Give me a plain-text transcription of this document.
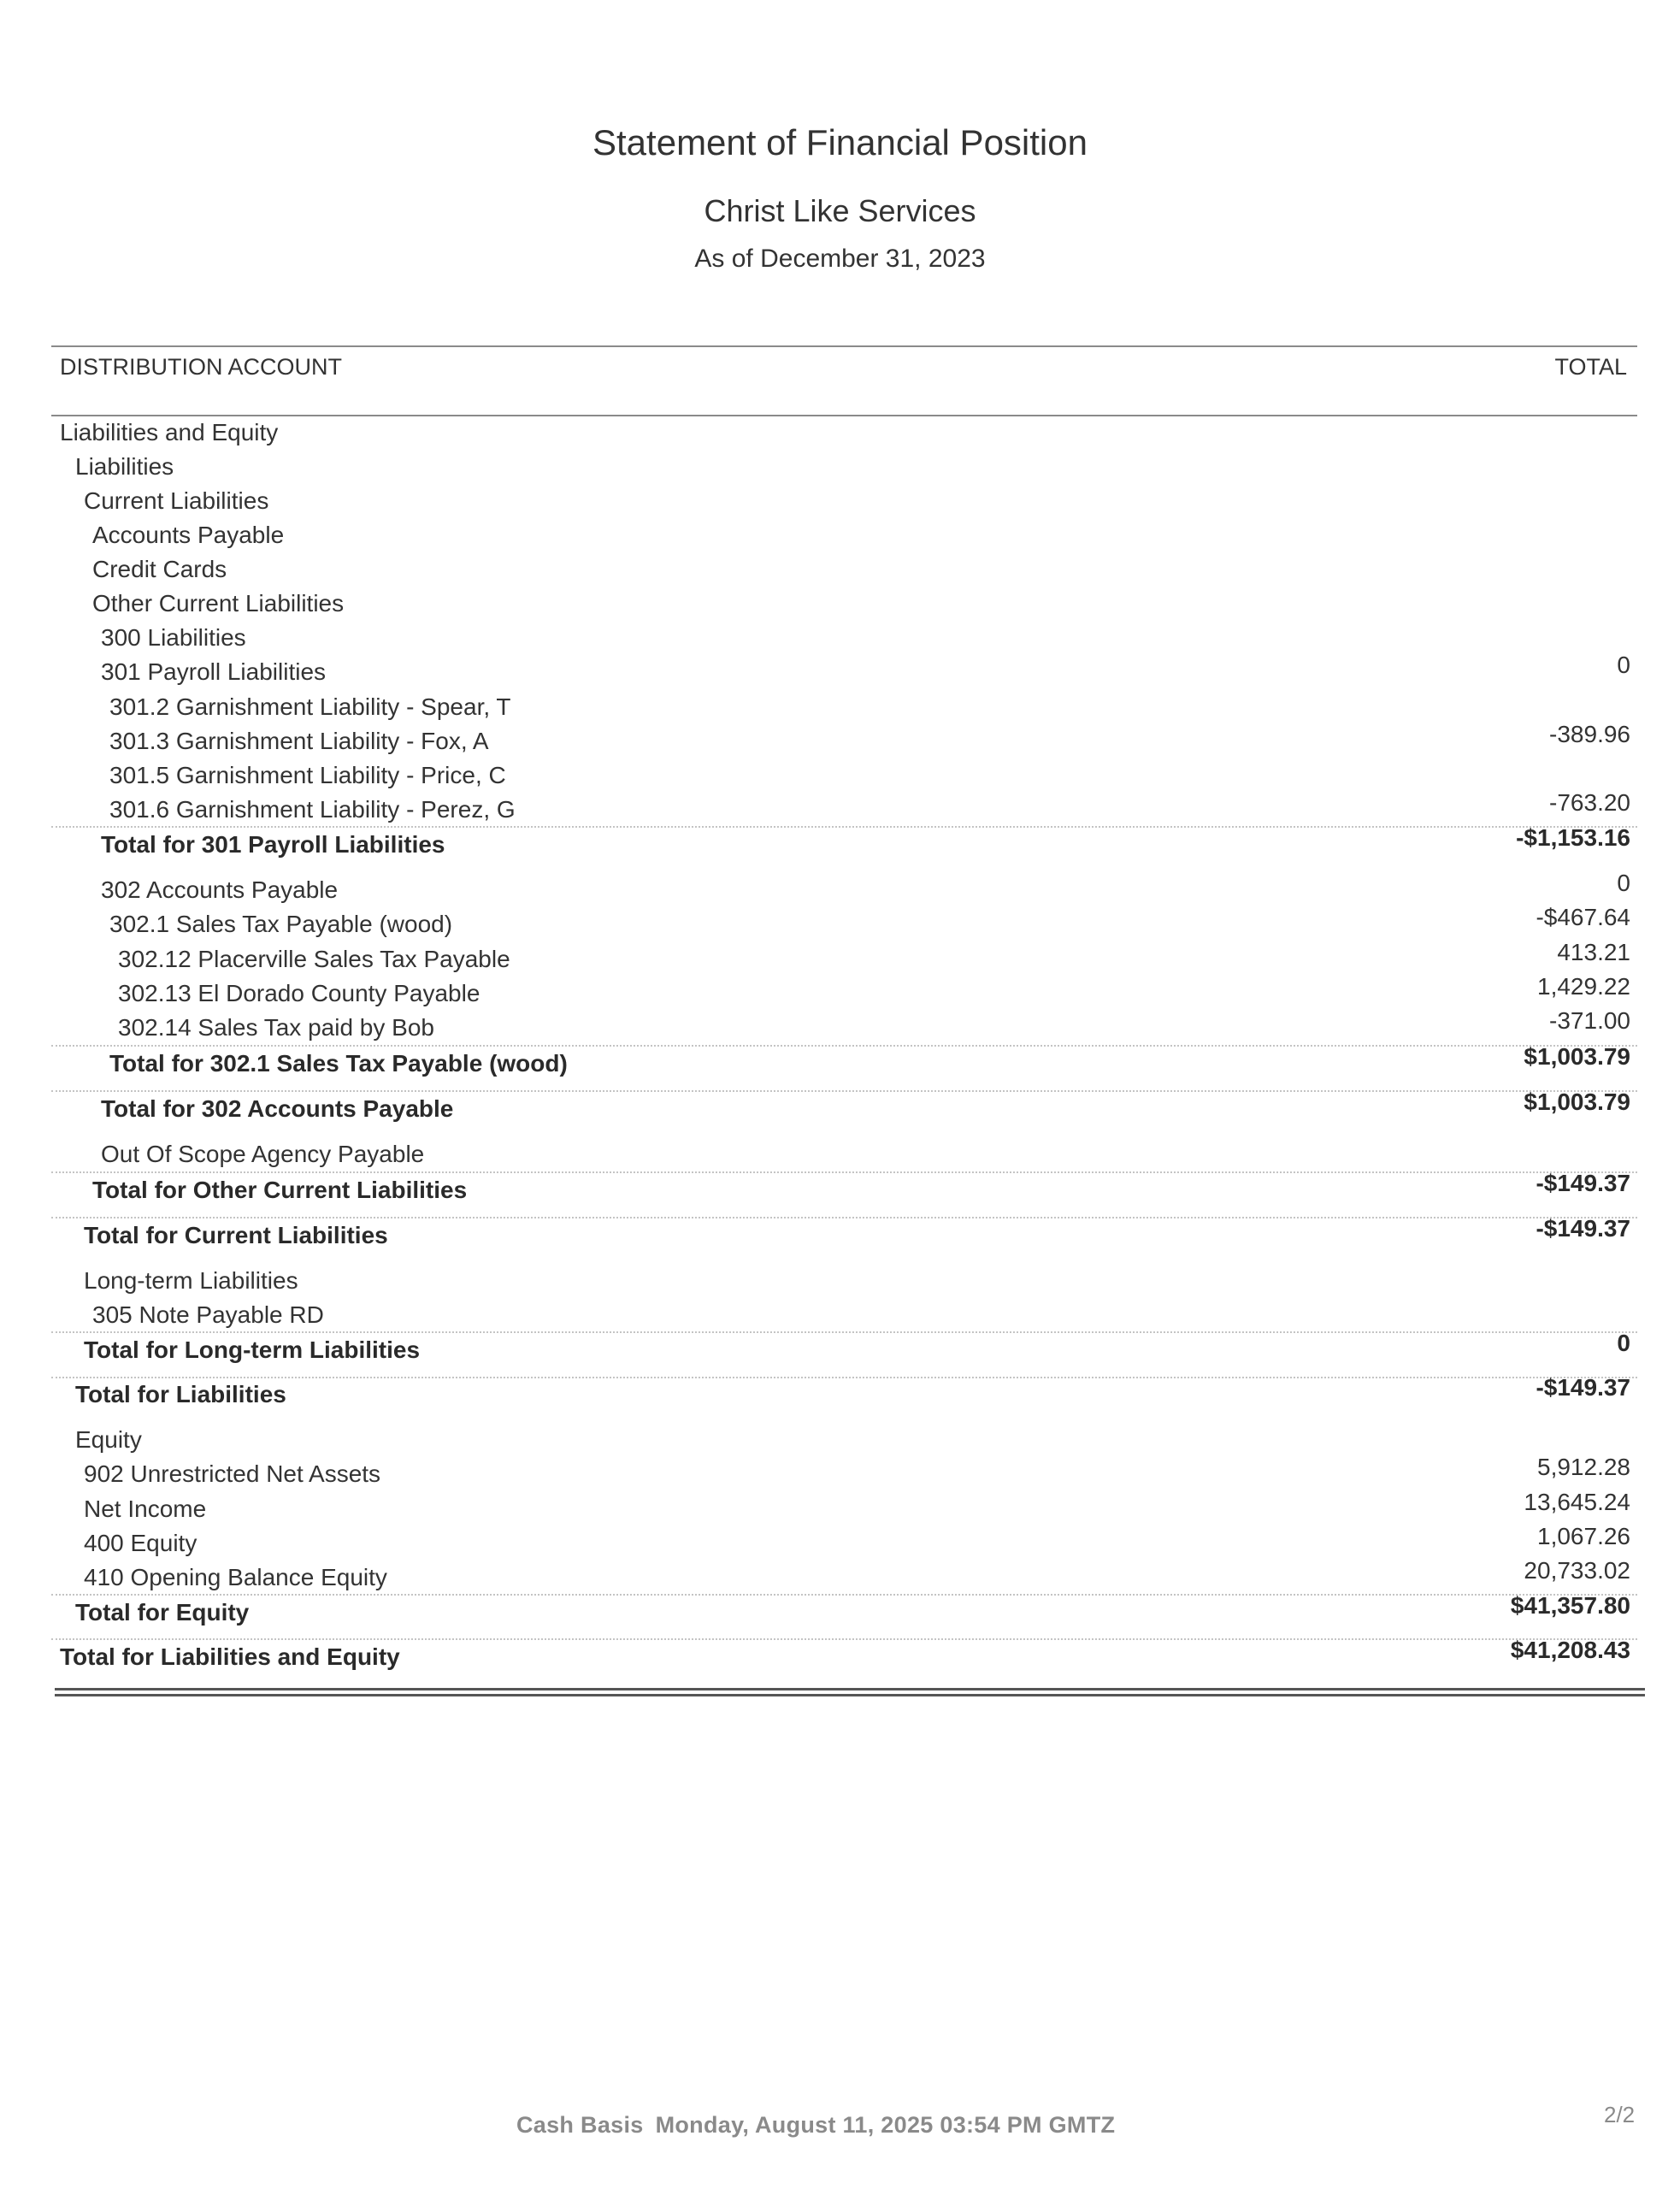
Statement of Financial Position
Christ Like Services
As of December 31, 2023
DISTRIBUTION ACCOUNT	TOTAL
Liabilities and Equity
Liabilities
Current Liabilities
Accounts Payable
Credit Cards
Other Current Liabilities
300 Liabilities
301 Payroll Liabilities	0
301.2 Garnishment Liability - Spear, T
301.3 Garnishment Liability - Fox, A	-389.96
301.5 Garnishment Liability - Price, C
301.6 Garnishment Liability - Perez, G	-763.20
Total for 301 Payroll Liabilities	-$1,153.16
302 Accounts Payable	0
302.1 Sales Tax Payable (wood)	-$467.64
302.12 Placerville Sales Tax Payable	413.21
302.13 El Dorado County Payable	1,429.22
302.14 Sales Tax paid by Bob	-371.00
Total for 302.1 Sales Tax Payable (wood)	$1,003.79
Total for 302 Accounts Payable	$1,003.79
Out Of Scope Agency Payable
Total for Other Current Liabilities	-$149.37
Total for Current Liabilities	-$149.37
Long-term Liabilities
305 Note Payable RD
Total for Long-term Liabilities	0
Total for Liabilities	-$149.37
Equity
902 Unrestricted Net Assets	5,912.28
Net Income	13,645.24
400 Equity	1,067.26
410 Opening Balance Equity	20,733.02
Total for Equity	$41,357.80
Total for Liabilities and Equity	$41,208.43
Cash Basis Monday, August 11, 2025 03:54 PM GMTZ	2/2
